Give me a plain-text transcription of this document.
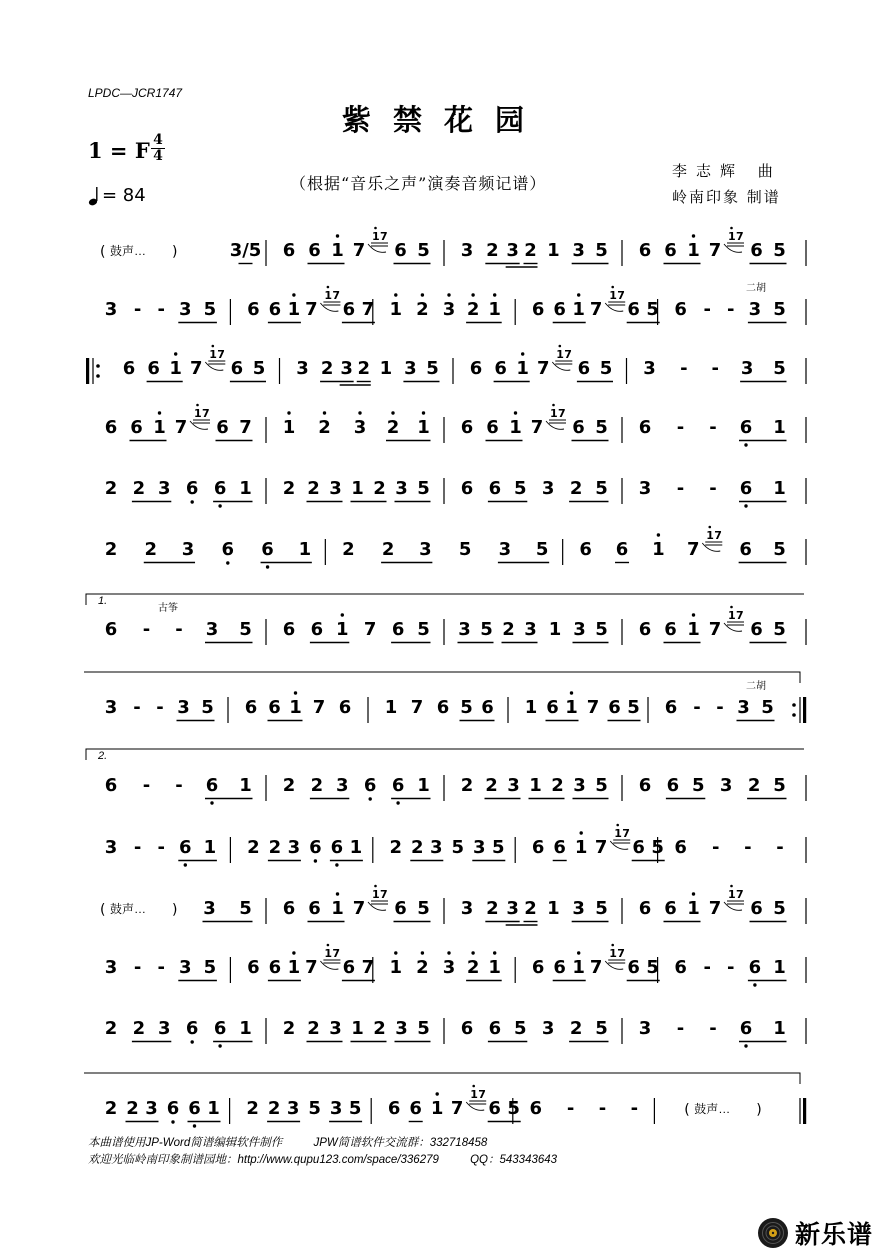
LPDC—JCR1747
紫禁花园
1 = F 4
4
= 84
（根据“音乐之声”演奏音频记谱）
李志辉 曲
岭南印象 制谱
( 鼓声… )	3/5 6 6 1 7
1 7
6 5 3 2 3 2 1 3 5 6 6 1 7
1 7
6 5
3 - - 3 5 6 6 1 7
1 7
6 7 1 2 3 2 1 6 6 1 7
1 7
6 5 6 - - 3 5
6 6 1 7
1 7
6 5 3 2 3 2 1 3 5 6 6 1 7
1 7
6 5 3 - - 3 5
6 6 1 7
1 7
6 7 1 2 3 2 1 6 6 1 7
1 7
6 5 6 - - 6 1
2 2 3 6 6 1 2 2 3 1 2 3 5 6 6 5 3 2 5 3 - - 6 1
2 2 3 6 6 1 2 2 3 5 3 5 6 6 1 7
1 7
6 5
6 - - 3 5 6 6 1 7 6 5 3 5 2 3 1 3 5 6 6 1 7
1 7
6 5
3 - - 3 5 6 6 1 7 6 1 7 6 5 6 1 6 1 7 6 5 6 - - 3 5
6 - - 6 1 2 2 3 6 6 1 2 2 3 1 2 3 5 6 6 5 3 2 5
3 - - 6 1 2 2 3 6 6 1 2 2 3 5 3 5 6 6 1 7
1 7
6 5 6 - - -
( 鼓声… ) 3 5 6 6 1 7
1 7
6 5 3 2 3 2 1 3 5 6 6 1 7
1 7
6 5
3 - - 3 5 6 6 1 7
1 7
6 7 1 2 3 2 1 6 6 1 7
1 7
6 5 6 - - 6 1
2 2 3 6 6 1 2 2 3 1 2 3 5 6 6 5 3 2 5 3 - - 6 1
2 2 3 6 6 1 2 2 3 5 3 5 6 6 1 7
1 7
6 5 6 - - -	( 鼓声… )
二胡
古筝
二胡
1.
2.
本曲谱使用JP-Word简谱编辑软件制作	JPW简谱软件交流群：332718458
欢迎光临岭南印象制谱园地：http://www.qupu123.com/space/336279	QQ：543343643
新乐谱
